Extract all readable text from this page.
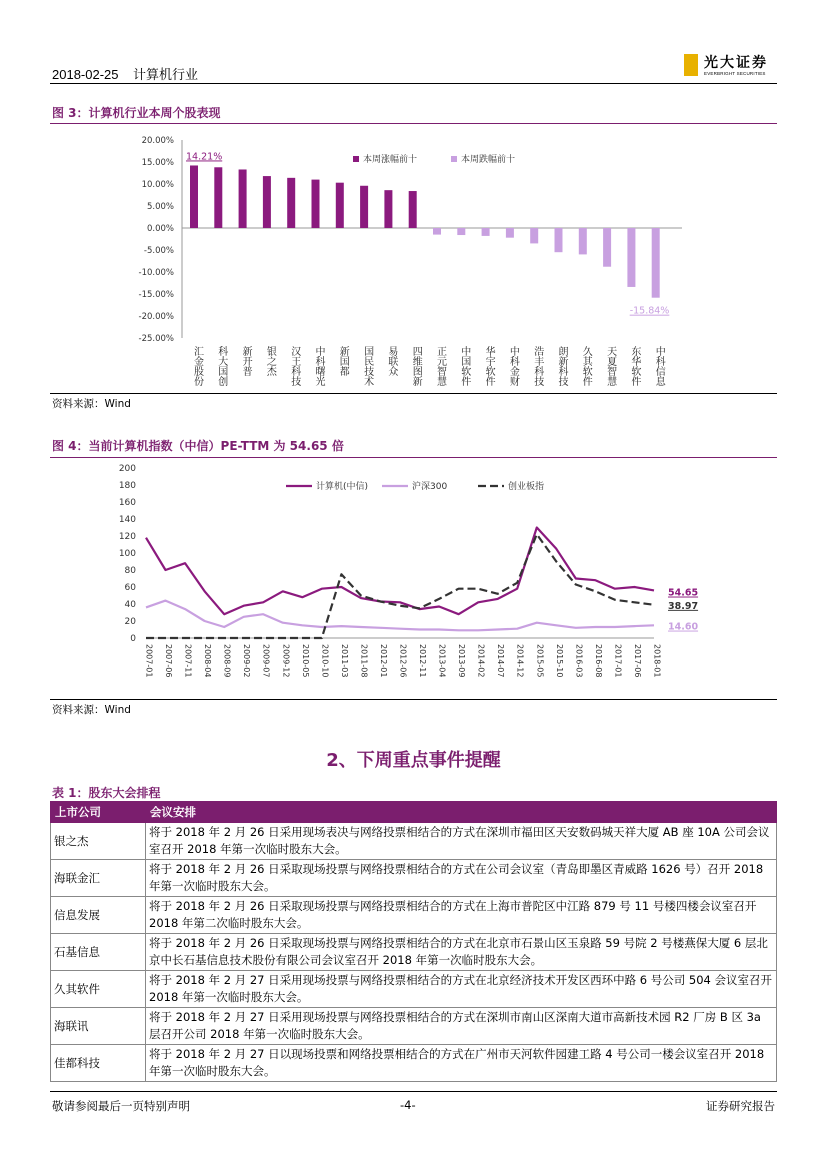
2018-02-25 计算机行业
光大证券
EVERBRIGHT SECURITIES
图 3：计算机行业本周个股表现
20.00%
15.00%
10.00%
5.00%
0.00%
-5.00%
-10.00%
-15.00%
-20.00%
-25.00%
汇金股份 科大国创 新开普 银之杰 汉王科技 中科曙光 新国都 国民技术 易联众 四维图新 正元智慧 中国软件 华宇软件 中科金财 浩丰科技 朗新科技 久其软件 天夏智慧 东华软件 中科信息
14.21%
-15.84%
本周涨幅前十	本周跌幅前十
资料来源：Wind
图 4：当前计算机指数（中信）PE-TTM 为 54.65 倍
200
180
160
140
120
100
80
60
40
20
0
2007-01 2007-06 2007-11 2008-04 2008-09 2009-02 2009-07 2009-12 2010-05 2010-10 2011-03 2011-08 2012-01 2012-06 2012-11 2013-04 2013-09 2014-02 2014-07 2014-12 2015-05 2015-10 2016-03 2016-08 2017-01 2017-06 2018-01
计算机(中信)	沪深300	创业板指
54.65
38.97
14.60
资料来源：Wind
2、下周重点事件提醒
表 1：股东大会排程
上市公司	会议安排
银之杰	将于 2018 年 2 月 26 日采用现场表决与网络投票相结合的方式在深圳市福田区天安数码城天祥大厦 AB 座 10A 公司会议室召开 2018 年第一次临时股东大会。
海联金汇	将于 2018 年 2 月 26 日采取现场投票与网络投票相结合的方式在公司会议室（青岛即墨区青威路 1626 号）召开 2018 年第一次临时股东大会。
信息发展	将于 2018 年 2 月 26 日采取现场投票与网络投票相结合的方式在上海市普陀区中江路 879 号 11 号楼四楼会议室召开 2018 年第二次临时股东大会。
石基信息	将于 2018 年 2 月 26 日采取现场投票与网络投票相结合的方式在北京市石景山区玉泉路 59 号院 2 号楼燕保大厦 6 层北京中长石基信息技术股份有限公司会议室召开 2018 年第一次临时股东大会。
久其软件	将于 2018 年 2 月 27 日采用现场投票与网络投票相结合的方式在北京经济技术开发区西环中路 6 号公司 504 会议室召开 2018 年第一次临时股东大会。
海联讯	将于 2018 年 2 月 27 日采用现场投票与网络投票相结合的方式在深圳市南山区深南大道市高新技术园 R2 厂房 B 区 3a 层召开公司 2018 年第一次临时股东大会。
佳都科技	将于 2018 年 2 月 27 日以现场投票和网络投票相结合的方式在广州市天河软件园建工路 4 号公司一楼会议室召开 2018 年第一次临时股东大会。
敬请参阅最后一页特别声明	-4-	证券研究报告
